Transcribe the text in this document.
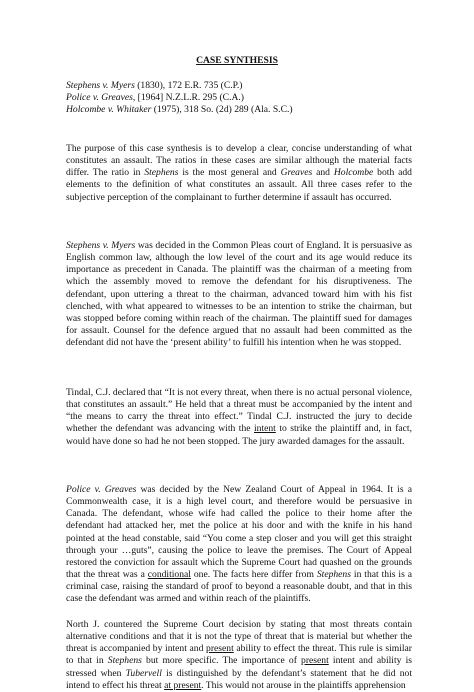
CASE SYNTHESIS
Stephens v. Myers (1830), 172 E.R. 735 (C.P.)
Police v. Greaves, [1964] N.Z.L.R. 295 (C.A.)
Holcombe v. Whitaker (1975), 318 So. (2d) 289 (Ala. S.C.)

The purpose of this case synthesis is to develop a clear, concise understanding of what constitutes an assault. The ratios in these cases are similar although the material facts differ. The ratio in Stephens is the most general and Greaves and Holcombe both add elements to the definition of what constitutes an assault. All three cases refer to the subjective perception of the complainant to further determine if assault has occurred.

Stephens v. Myers was decided in the Common Pleas court of England. It is persuasive as English common law, although the low level of the court and its age would reduce its importance as precedent in Canada. The plaintiff was the chairman of a meeting from which the assembly moved to remove the defendant for his disruptiveness. The defendant, upon uttering a threat to the chairman, advanced toward him with his fist clenched, with what appeared to witnesses to be an intention to strike the chairman, but was stopped before coming within reach of the chairman. The plaintiff sued for damages for assault. Counsel for the defence argued that no assault had been committed as the defendant did not have the ‘present ability’ to fulfill his intention when he was stopped.

Tindal, C.J. declared that “It is not every threat, when there is no actual personal violence, that constitutes an assault.” He held that a threat must be accompanied by the intent and “the means to carry the threat into effect.” Tindal C.J. instructed the jury to decide whether the defendant was advancing with the intent to strike the plaintiff and, in fact, would have done so had he not been stopped. The jury awarded damages for the assault.

Police v. Greaves was decided by the New Zealand Court of Appeal in 1964. It is a Commonwealth case, it is a high level court, and therefore would be persuasive in Canada. The defendant, whose wife had called the police to their home after the defendant had attacked her, met the police at his door and with the knife in his hand pointed at the head constable, said “You come a step closer and you will get this straight through your …guts”, causing the police to leave the premises. The Court of Appeal restored the conviction for assault which the Supreme Court had quashed on the grounds that the threat was a conditional one. The facts here differ from Stephens in that this is a criminal case, raising the standard of proof to beyond a reasonable doubt, and that in this case the defendant was armed and within reach of the plaintiffs.

North J. countered the Supreme Court decision by stating that most threats contain alternative conditions and that it is not the type of threat that is material but whether the threat is accompanied by intent and present ability to effect the threat. This rule is similar to that in Stephens but more specific. The importance of present intent and ability is stressed when Tubervell is distinguished by the defendant’s statement that he did not intend to effect his threat at present. This would not arouse in the plaintiffs apprehension
